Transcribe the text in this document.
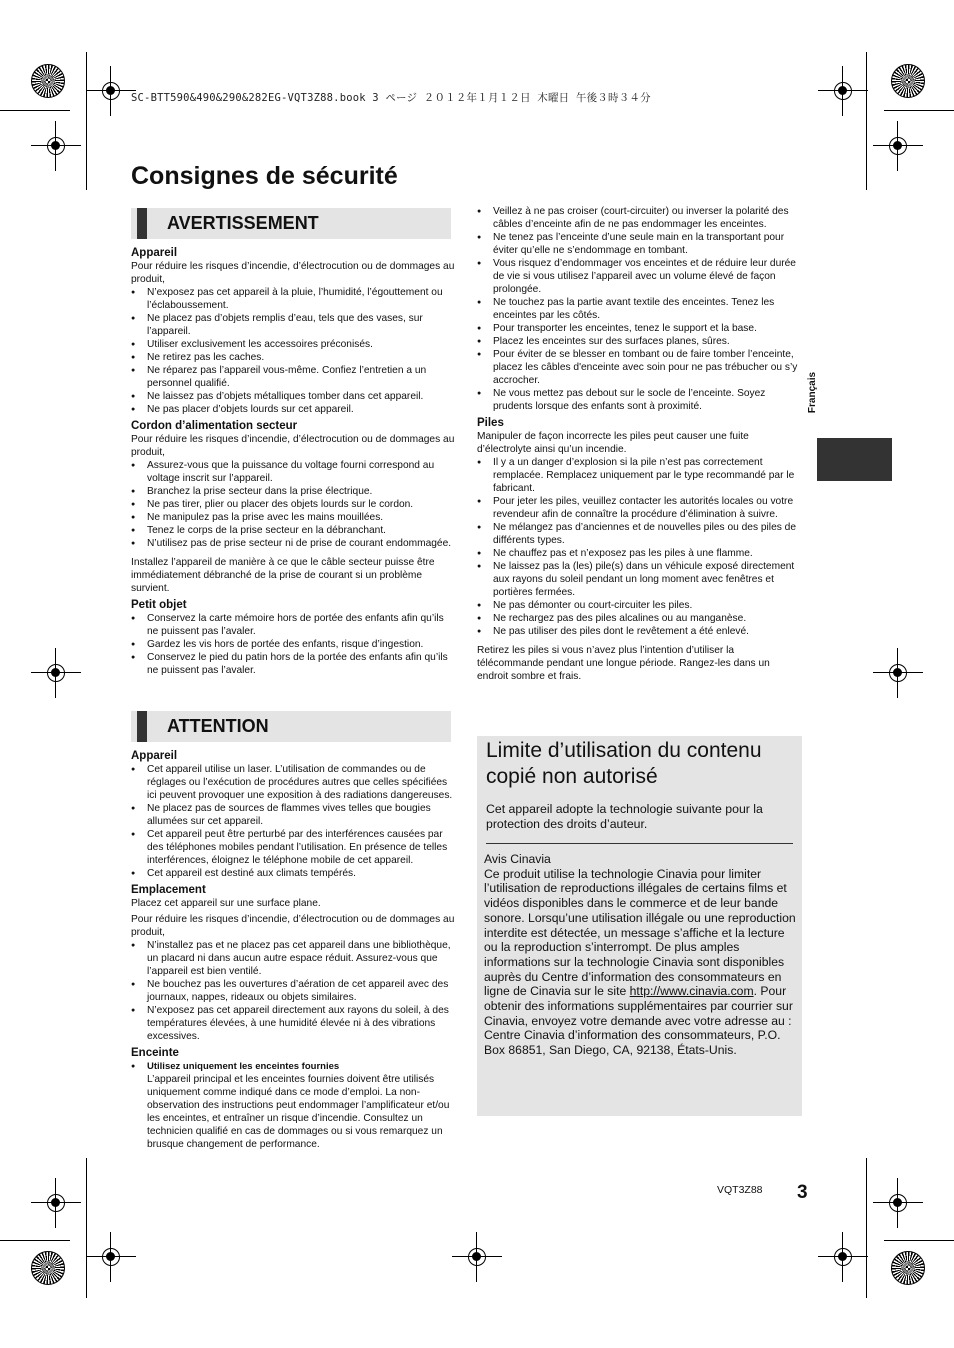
SC-BTT590&490&290&282EG-VQT3Z88.book 3 ページ ２０１２年１月１２日 木曜日 午後３時３４分
Consignes de sécurité
AVERTISSEMENT
Appareil

Pour réduire les risques d’incendie, d’électrocution ou de dommages au produit,

● N’exposez pas cet appareil à la pluie, l’humidité, l’égouttement ou l’éclaboussement.
● Ne placez pas d’objets remplis d’eau, tels que des vases, sur l’appareil.
● Utiliser exclusivement les accessoires préconisés.
● Ne retirez pas les caches.
● Ne réparez pas l’appareil vous-même. Confiez l’entretien a un personnel qualifié.
● Ne laissez pas d’objets métalliques tomber dans cet appareil.
● Ne pas placer d’objets lourds sur cet appareil.
Cordon d’alimentation secteur

Pour réduire les risques d’incendie, d’électrocution ou de dommages au produit,

● Assurez-vous que la puissance du voltage fourni correspond au voltage inscrit sur l’appareil.
● Branchez la prise secteur dans la prise électrique.
● Ne pas tirer, plier ou placer des objets lourds sur le cordon.
● Ne manipulez pas la prise avec les mains mouillées.
● Tenez le corps de la prise secteur en la débranchant.
● N’utilisez pas de prise secteur ni de prise de courant endommagée.

Installez l’appareil de manière à ce que le câble secteur puisse être immédiatement débranché de la prise de courant si un problème survient.

Petit objet
● Conservez la carte mémoire hors de portée des enfants afin qu’ils ne puissent pas l’avaler.
● Gardez les vis hors de portée des enfants, risque d’ingestion.
● Conservez le pied du patin hors de la portée des enfants afin qu’ils ne puissent pas l’avaler.
ATTENTION
Appareil
● Cet appareil utilise un laser. L’utilisation de commandes ou de réglages ou l’exécution de procédures autres que celles spécifiées ici peuvent provoquer une exposition à des radiations dangereuses.
● Ne placez pas de sources de flammes vives telles que bougies allumées sur cet appareil.
● Cet appareil peut être perturbé par des interférences causées par des téléphones mobiles pendant l’utilisation. En présence de telles interférences, éloignez le téléphone mobile de cet appareil.
● Cet appareil est destiné aux climats tempérés.
Emplacement

Placez cet appareil sur une surface plane.

Pour réduire les risques d’incendie, d’électrocution ou de dommages au produit,

● N’installez pas et ne placez pas cet appareil dans une bibliothèque, un placard ni dans aucun autre espace réduit. Assurez-vous que l’appareil est bien ventilé.
● Ne bouchez pas les ouvertures d’aération de cet appareil avec des journaux, nappes, rideaux ou objets similaires.
● N’exposez pas cet appareil directement aux rayons du soleil, à des températures élevées, à une humidité élevée ni à des vibrations excessives.
Enceinte
● Utilisez uniquement les enceintes fournies
L’appareil principal et les enceintes fournies doivent être utilisés uniquement comme indiqué dans ce mode d’emploi. La non-observation des instructions peut endommager l’amplificateur et/ou les enceintes, et entraîner un risque d’incendie. Consultez un technicien qualifié en cas de dommages ou si vous remarquez un brusque changement de performance.
● Veillez à ne pas croiser (court-circuiter) ou inverser la polarité des câbles d’enceinte afin de ne pas endommager les enceintes.
● Ne tenez pas l’enceinte d’une seule main en la transportant pour éviter qu’elle ne s’endommage en tombant.
● Vous risquez d’endommager vos enceintes et de réduire leur durée de vie si vous utilisez l’appareil avec un volume élevé de façon prolongée.
● Ne touchez pas la partie avant textile des enceintes. Tenez les enceintes par les côtés.
● Pour transporter les enceintes, tenez le support et la base.
● Placez les enceintes sur des surfaces planes, sûres.
● Pour éviter de se blesser en tombant ou de faire tomber l’enceinte, placez les câbles d'enceinte avec soin pour ne pas trébucher ou s’y accrocher.
● Ne vous mettez pas debout sur le socle de l’enceinte. Soyez prudents lorsque des enfants sont à proximité.
Piles

Manipuler de façon incorrecte les piles peut causer une fuite d’électrolyte ainsi qu’un incendie.

● Il y a un danger d’explosion si la pile n’est pas correctement remplacée. Remplacez uniquement par le type recommandé par le fabricant.
● Pour jeter les piles, veuillez contacter les autorités locales ou votre revendeur afin de connaître la procédure d’élimination à suivre.
● Ne mélangez pas d’anciennes et de nouvelles piles ou des piles de différents types.
● Ne chauffez pas et n’exposez pas les piles à une flamme.
● Ne laissez pas la (les) pile(s) dans un véhicule exposé directement aux rayons du soleil pendant un long moment avec fenêtres et portières fermées.
● Ne pas démonter ou court-circuiter les piles.
● Ne rechargez pas des piles alcalines ou au manganèse.
● Ne pas utiliser des piles dont le revêtement a été enlevé.

Retirez les piles si vous n’avez plus l’intention d’utiliser la télécommande pendant une longue période. Rangez-les dans un endroit sombre et frais.

Limite d’utilisation du contenu copié non autorisé
Cet appareil adopte la technologie suivante pour la protection des droits d’auteur.
Avis Cinavia
Ce produit utilise la technologie Cinavia pour limiter l’utilisation de reproductions illégales de certains films et vidéos disponibles dans le commerce et de leur bande sonore. Lorsqu’une utilisation illégale ou une reproduction interdite est détectée, un message s’affiche et la lecture ou la reproduction s’interrompt. De plus amples informations sur la technologie Cinavia sont disponibles auprès du Centre d’information des consommateurs en ligne de Cinavia sur le site http://www.cinavia.com. Pour obtenir des informations supplémentaires par courrier sur Cinavia, envoyez votre demande avec votre adresse au :
Centre Cinavia d’information des consommateurs, P.O. Box 86851, San Diego, CA, 92138, États-Unis.
Français
VQT3Z88 3
